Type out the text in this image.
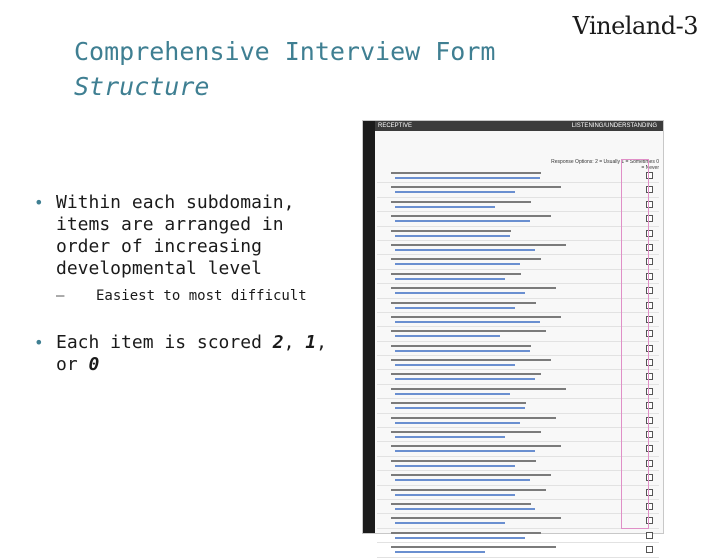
Comprehensive Interview Form
Structure
Vineland-3
• Within each subdomain, items are arranged in order of increasing developmental level
– Easiest to most difficult
• Each item is scored 2, 1, or 0
RECEPTIVE	LISTENING/UNDERSTANDING
Response Options: 2 = Usually 1 = Sometimes 0 = Never
